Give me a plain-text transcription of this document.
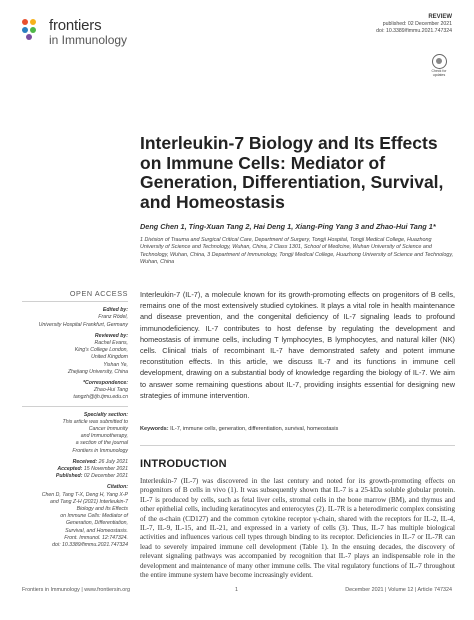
frontiers
in Immunology
REVIEW
published: 02 December 2021
doi: 10.3389/fimmu.2021.747324
Check for
updates
Interleukin-7 Biology and Its Effects on Immune Cells: Mediator of Generation, Differentiation, Survival, and Homeostasis
Deng Chen 1, Ting-Xuan Tang 2, Hai Deng 1, Xiang-Ping Yang 3 and Zhao-Hui Tang 1*
1 Division of Trauma and Surgical Critical Care, Department of Surgery, Tongji Hospital, Tongji Medical College, Huazhong University of Science and Technology, Wuhan, China, 2 Class 1301, School of Medicine, Wuhan University of Science and Technology, Wuhan, China, 3 Department of Immunology, Tongji Medical College, Huazhong University of Science and Technology, Wuhan, China
OPEN ACCESS
Edited by:
Franz Rödel,
University Hospital Frankfurt, Germany
Reviewed by:
Rachel Evans,
King's College London,
United Kingdom
Yishan Ye,
Zhejiang University, China
*Correspondence:
Zhao-Hui Tang
tangzh@tjh.tjmu.edu.cn
Specialty section:
This article was submitted to
Cancer Immunity
and Immunotherapy,
a section of the journal
Frontiers in Immunology
Received: 26 July 2021
Accepted: 15 November 2021
Published: 02 December 2021
Citation:
Chen D, Tang T-X, Deng H, Yang X-P
and Tang Z-H (2021) Interleukin-7
Biology and Its Effects
on Immune Cells: Mediator of
Generation, Differentiation,
Survival, and Homeostasis.
Front. Immunol. 12:747324.
doi: 10.3389/fimmu.2021.747324
Interleukin-7 (IL-7), a molecule known for its growth-promoting effects on progenitors of B cells, remains one of the most extensively studied cytokines. It plays a vital role in health maintenance and disease prevention, and the congenital deficiency of IL-7 signaling leads to profound immunodeficiency. IL-7 contributes to host defense by regulating the development and homeostasis of immune cells, including T lymphocytes, B lymphocytes, and natural killer (NK) cells. Clinical trials of recombinant IL-7 have demonstrated safety and potent immune reconstitution effects. In this article, we discuss IL-7 and its functions in immune cell development, drawing on a substantial body of knowledge regarding the biology of IL-7. We aim to answer some remaining questions about IL-7, providing insights essential for designing new strategies of immune intervention.
Keywords: IL-7, immune cells, generation, differentiation, survival, homeostasis
INTRODUCTION
Interleukin-7 (IL-7) was discovered in the last century and noted for its growth-promoting effects on progenitors of B cells in vivo (1). It was subsequently shown that IL-7 is a 25-kDa soluble globular protein. IL-7 is produced by cells, such as fetal liver cells, stromal cells in the bone marrow (BM), and thymus and other epithelial cells, including keratinocytes and enterocytes (2). IL-7R is a heterodimeric complex consisting of the α-chain (CD127) and the common cytokine receptor γ-chain, shared with the receptors for IL-2, IL-4, IL-7, IL-9, IL-15, and IL-21, and expressed in a variety of cells (3). Thus, IL-7 has multiple biological activities and influences various cell types through binding to its receptor. Deficiencies in IL-7 or IL-7R can lead to severely impaired immune cell development (Table 1). In the ensuing decades, the discovery of relevant signaling pathways was accompanied by recognition that IL-7 plays an indispensable role in the development and maintenance of many other immune cells. The vital regulatory functions of IL-7 throughout the entire immune system have become increasingly evident.
Frontiers in Immunology | www.frontiersin.org	1	December 2021 | Volume 12 | Article 747324
